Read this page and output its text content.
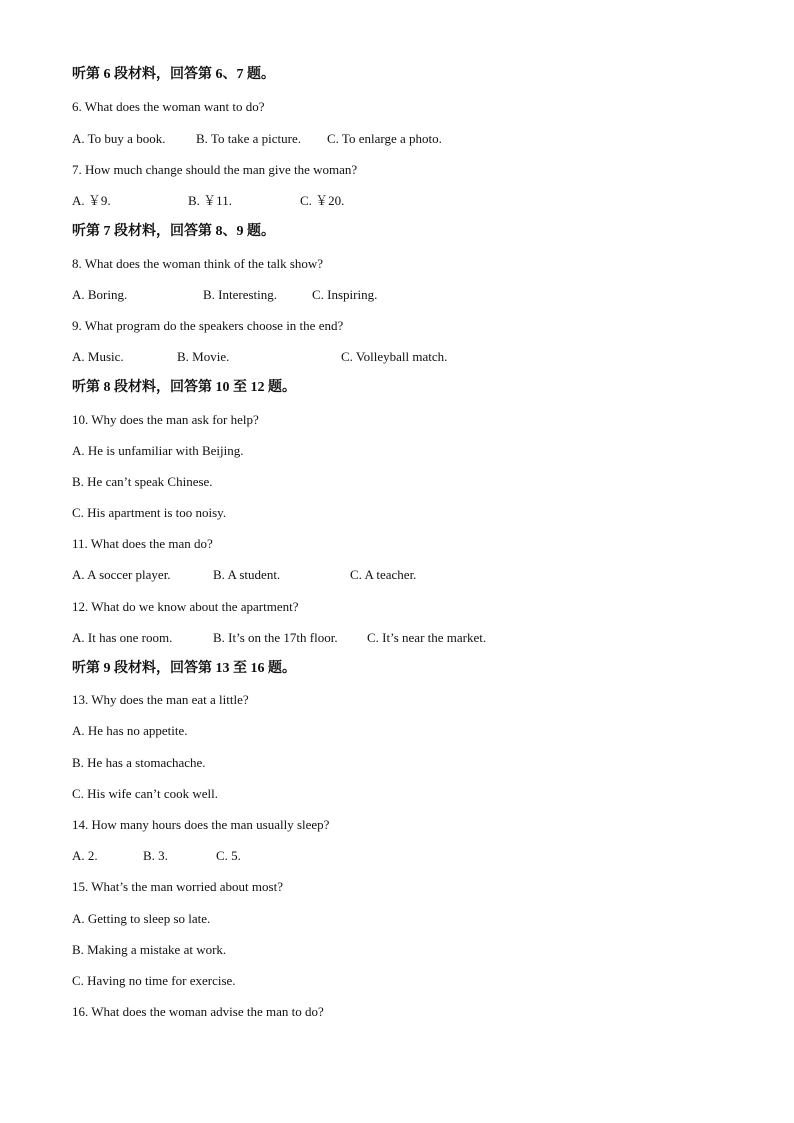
听第 6 段材料，回答第 6、7 题。
6. What does the woman want to do?
A. To buy a book. B. To take a picture. C. To enlarge a photo.
7. How much change should the man give the woman?
A. ￥9.	B. ￥11.	C. ￥20.
听第 7 段材料，回答第 8、9 题。
8. What does the woman think of the talk show?
A. Boring.	B. Interesting.	C. Inspiring.
9. What program do the speakers choose in the end?
A. Music.	B. Movie.	C. Volleyball match.
听第 8 段材料，回答第 10 至 12 题。
10. Why does the man ask for help?
A. He is unfamiliar with Beijing.
B. He can’t speak Chinese.
C. His apartment is too noisy.
11. What does the man do?
A. A soccer player.	B. A student.	C. A teacher.
12. What do we know about the apartment?
A. It has one room.	B. It’s on the 17th floor. C. It’s near the market.
听第 9 段材料，回答第 13 至 16 题。
13. Why does the man eat a little?
A. He has no appetite.
B. He has a stomachache.
C. His wife can’t cook well.
14. How many hours does the man usually sleep?
A. 2.	B. 3.	C. 5.
15. What’s the man worried about most?
A. Getting to sleep so late.
B. Making a mistake at work.
C. Having no time for exercise.
16. What does the woman advise the man to do?
